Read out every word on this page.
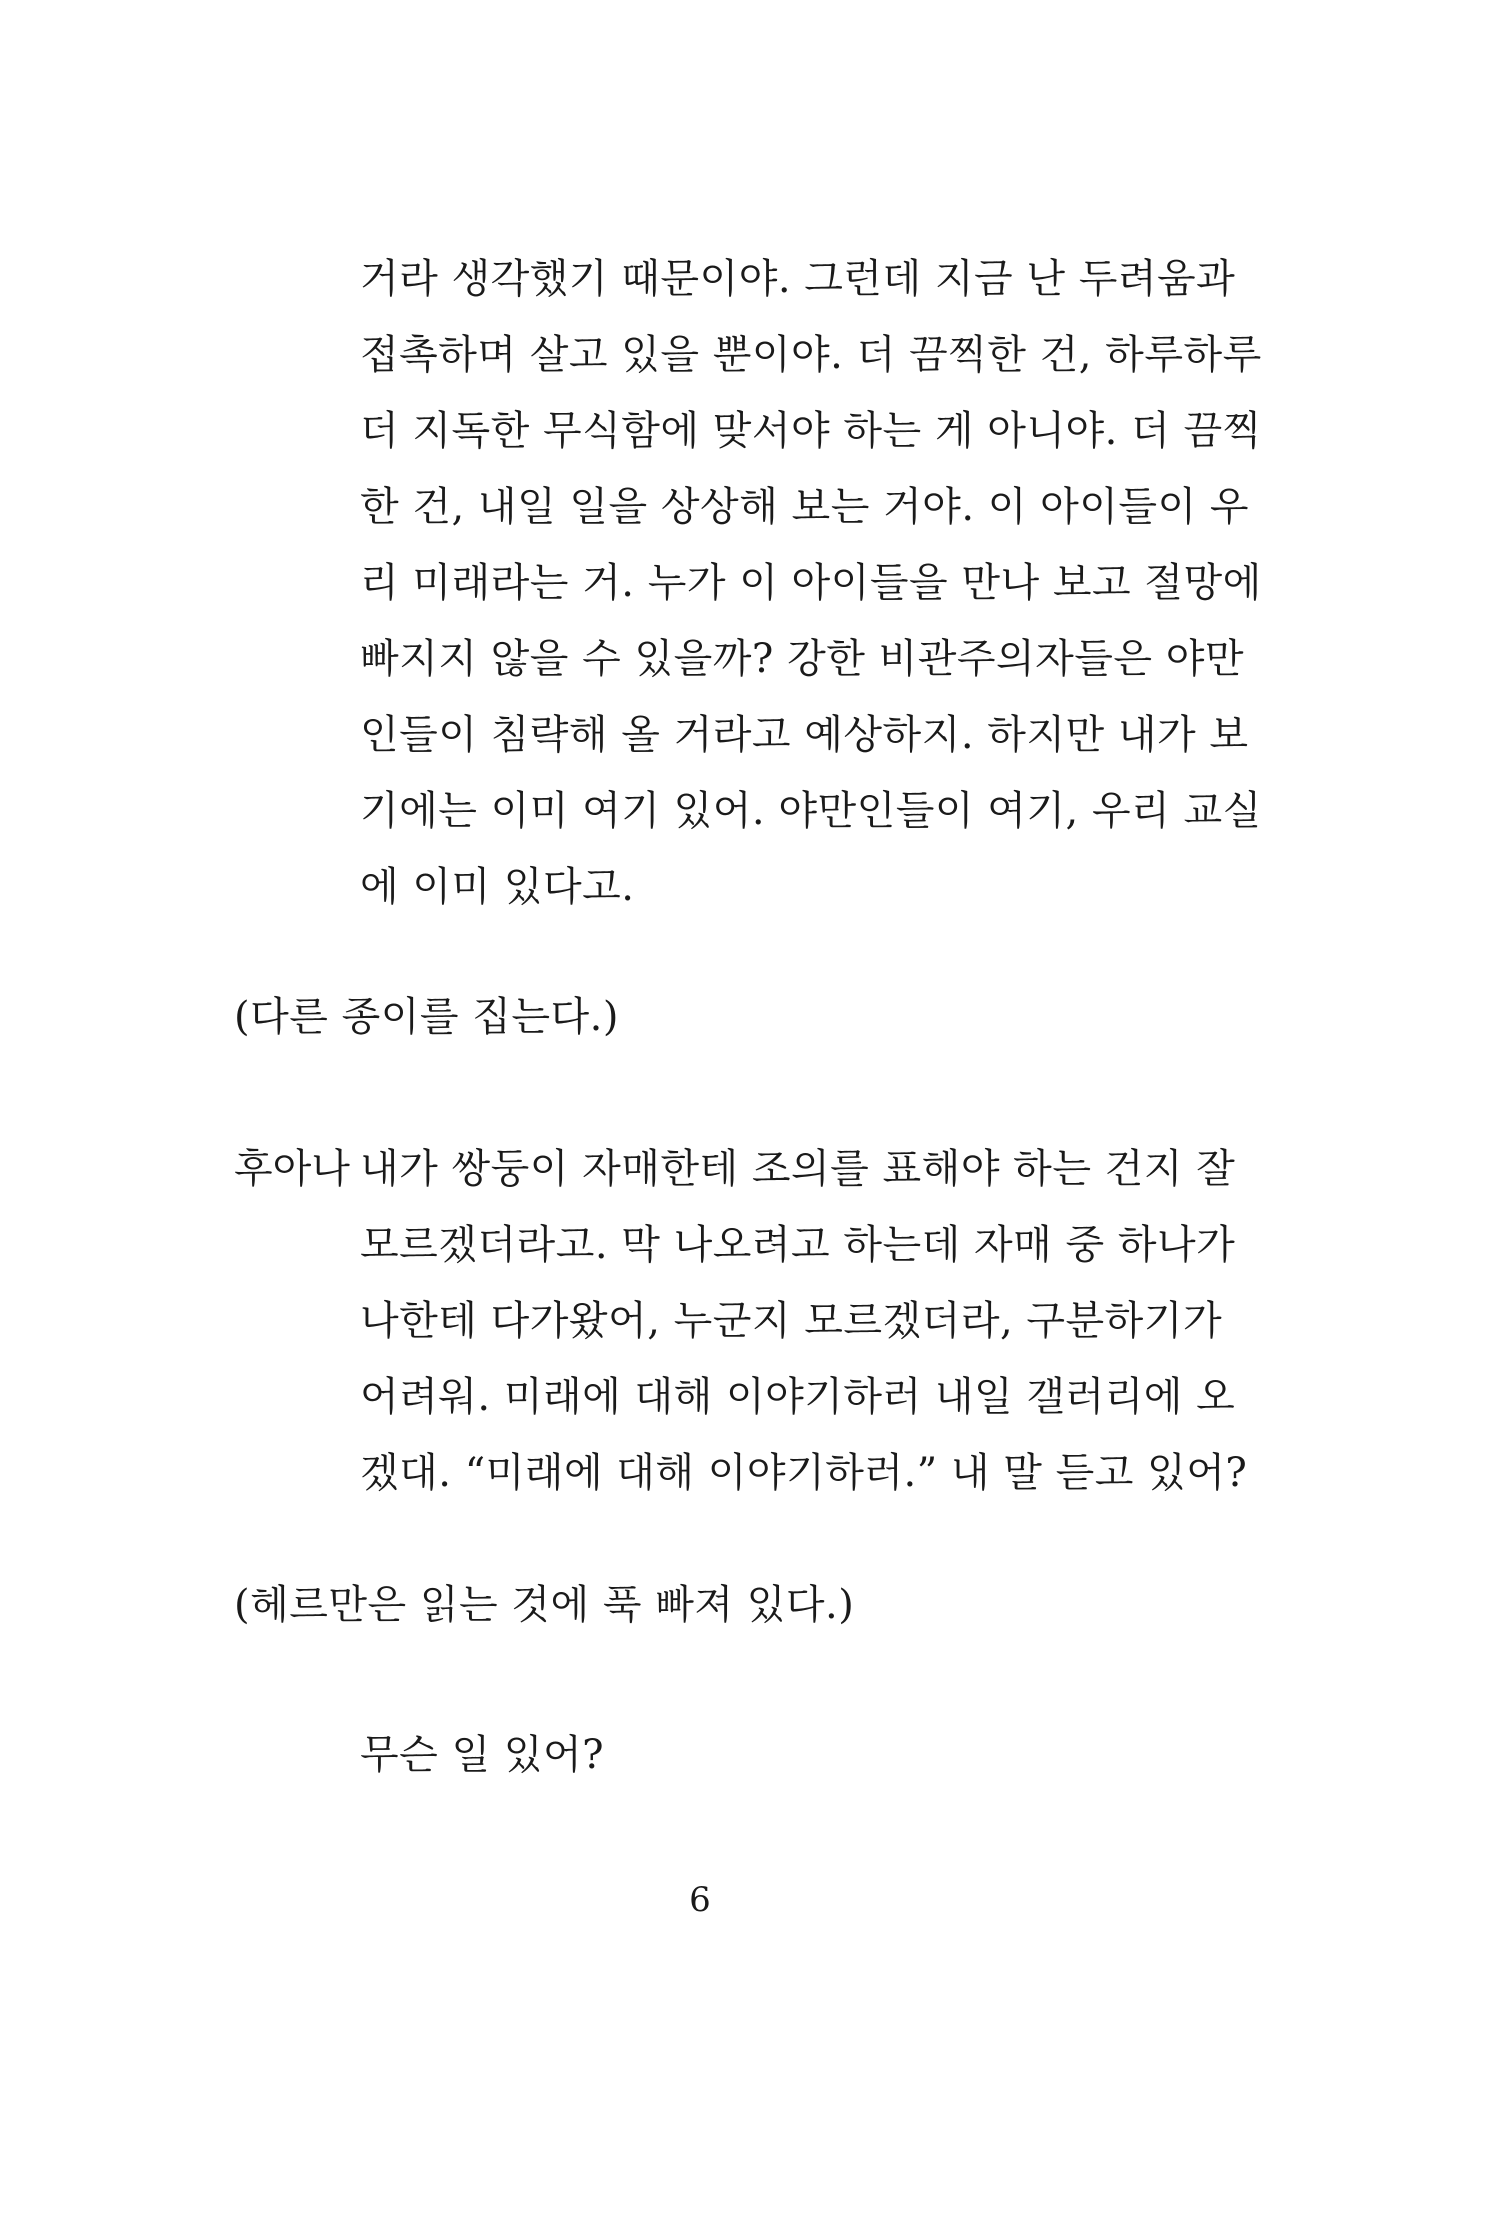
거라 생각했기 때문이야. 그런데 지금 난 두려움과
접촉하며 살고 있을 뿐이야. 더 끔찍한 건, 하루하루
더 지독한 무식함에 맞서야 하는 게 아니야. 더 끔찍
한 건, 내일 일을 상상해 보는 거야. 이 아이들이 우
리 미래라는 거. 누가 이 아이들을 만나 보고 절망에
빠지지 않을 수 있을까? 강한 비관주의자들은 야만
인들이 침략해 올 거라고 예상하지. 하지만 내가 보
기에는 이미 여기 있어. 야만인들이 여기, 우리 교실
에 이미 있다고.
(다른 종이를 집는다.)
후아나 내가 쌍둥이 자매한테 조의를 표해야 하는 건지 잘
모르겠더라고. 막 나오려고 하는데 자매 중 하나가
나한테 다가왔어, 누군지 모르겠더라, 구분하기가
어려워. 미래에 대해 이야기하러 내일 갤러리에 오
겠대. “미래에 대해 이야기하러.” 내 말 듣고 있어?
(헤르만은 읽는 것에 푹 빠져 있다.)
무슨 일 있어?
6
